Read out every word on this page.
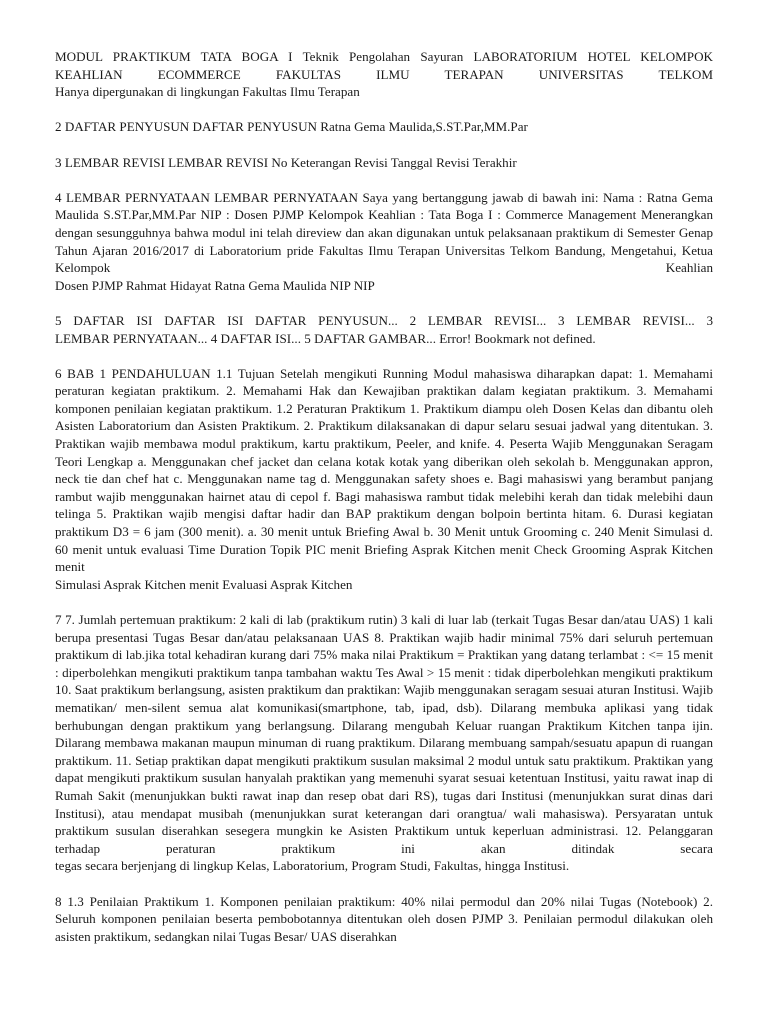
MODUL PRAKTIKUM TATA BOGA I Teknik Pengolahan Sayuran LABORATORIUM HOTEL KELOMPOK KEAHLIAN ECOMMERCE FAKULTAS ILMU TERAPAN UNIVERSITAS TELKOM
Hanya dipergunakan di lingkungan Fakultas Ilmu Terapan
2 DAFTAR PENYUSUN DAFTAR PENYUSUN Ratna Gema Maulida,S.ST.Par,MM.Par
3 LEMBAR REVISI LEMBAR REVISI No Keterangan Revisi Tanggal Revisi Terakhir
4 LEMBAR PERNYATAAN LEMBAR PERNYATAAN Saya yang bertanggung jawab di bawah ini: Nama : Ratna Gema Maulida S.ST.Par,MM.Par NIP : Dosen PJMP Kelompok Keahlian : Tata Boga I : Commerce Management Menerangkan dengan sesungguhnya bahwa modul ini telah direview dan akan digunakan untuk pelaksanaan praktikum di Semester Genap Tahun Ajaran 2016/2017 di Laboratorium pride Fakultas Ilmu Terapan Universitas Telkom Bandung, Mengetahui, Ketua Kelompok Keahlian
Dosen PJMP Rahmat Hidayat Ratna Gema Maulida NIP NIP
5 DAFTAR ISI DAFTAR ISI DAFTAR PENYUSUN... 2 LEMBAR REVISI... 3 LEMBAR REVISI... 3
LEMBAR PERNYATAAN... 4 DAFTAR ISI... 5 DAFTAR GAMBAR... Error! Bookmark not defined.
6 BAB 1 PENDAHULUAN 1.1 Tujuan Setelah mengikuti Running Modul mahasiswa diharapkan dapat: 1. Memahami peraturan kegiatan praktikum. 2. Memahami Hak dan Kewajiban praktikan dalam kegiatan praktikum. 3. Memahami komponen penilaian kegiatan praktikum. 1.2 Peraturan Praktikum 1. Praktikum diampu oleh Dosen Kelas dan dibantu oleh Asisten Laboratorium dan Asisten Praktikum. 2. Praktikum dilaksanakan di dapur selaru sesuai jadwal yang ditentukan. 3. Praktikan wajib membawa modul praktikum, kartu praktikum, Peeler, and knife. 4. Peserta Wajib Menggunakan Seragam Teori Lengkap a. Menggunakan chef jacket dan celana kotak kotak yang diberikan oleh sekolah b. Menggunakan appron, neck tie dan chef hat c. Menggunakan name tag d. Menggunakan safety shoes e. Bagi mahasiswi yang berambut panjang rambut wajib menggunakan hairnet atau di cepol f. Bagi mahasiswa rambut tidak melebihi kerah dan tidak melebihi daun telinga 5. Praktikan wajib mengisi daftar hadir dan BAP praktikum dengan bolpoin bertinta hitam. 6. Durasi kegiatan praktikum D3 = 6 jam (300 menit). a. 30 menit untuk Briefing Awal b. 30 Menit untuk Grooming c. 240 Menit Simulasi d. 60 menit untuk evaluasi Time Duration Topik PIC menit Briefing Asprak Kitchen menit Check Grooming Asprak Kitchen menit
Simulasi Asprak Kitchen menit Evaluasi Asprak Kitchen
7 7. Jumlah pertemuan praktikum: 2 kali di lab (praktikum rutin) 3 kali di luar lab (terkait Tugas Besar dan/atau UAS) 1 kali berupa presentasi Tugas Besar dan/atau pelaksanaan UAS 8. Praktikan wajib hadir minimal 75% dari seluruh pertemuan praktikum di lab.jika total kehadiran kurang dari 75% maka nilai Praktikum = Praktikan yang datang terlambat : <= 15 menit : diperbolehkan mengikuti praktikum tanpa tambahan waktu Tes Awal > 15 menit : tidak diperbolehkan mengikuti praktikum 10. Saat praktikum berlangsung, asisten praktikum dan praktikan: Wajib menggunakan seragam sesuai aturan Institusi. Wajib mematikan/ men-silent semua alat komunikasi(smartphone, tab, ipad, dsb). Dilarang membuka aplikasi yang tidak berhubungan dengan praktikum yang berlangsung. Dilarang mengubah Keluar ruangan Praktikum Kitchen tanpa ijin. Dilarang membawa makanan maupun minuman di ruang praktikum. Dilarang membuang sampah/sesuatu apapun di ruangan praktikum. 11. Setiap praktikan dapat mengikuti praktikum susulan maksimal 2 modul untuk satu praktikum. Praktikan yang dapat mengikuti praktikum susulan hanyalah praktikan yang memenuhi syarat sesuai ketentuan Institusi, yaitu rawat inap di Rumah Sakit (menunjukkan bukti rawat inap dan resep obat dari RS), tugas dari Institusi (menunjukkan surat dinas dari Institusi), atau mendapat musibah (menunjukkan surat keterangan dari orangtua/ wali mahasiswa). Persyaratan untuk praktikum susulan diserahkan sesegera mungkin ke Asisten Praktikum untuk keperluan administrasi. 12. Pelanggaran terhadap peraturan praktikum ini akan ditindak secara
tegas secara berjenjang di lingkup Kelas, Laboratorium, Program Studi, Fakultas, hingga Institusi.
8 1.3 Penilaian Praktikum 1. Komponen penilaian praktikum: 40% nilai permodul dan 20% nilai Tugas (Notebook) 2. Seluruh komponen penilaian beserta pembobotannya ditentukan oleh dosen PJMP 3. Penilaian permodul dilakukan oleh asisten praktikum, sedangkan nilai Tugas Besar/ UAS diserahkan
